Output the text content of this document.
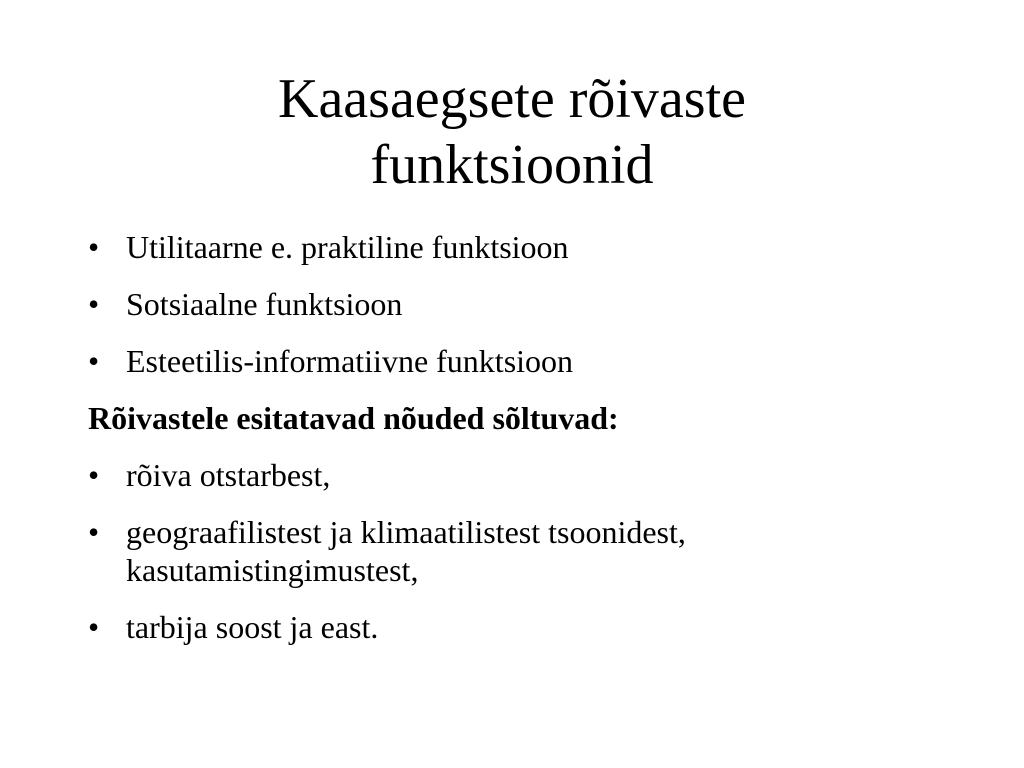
Kaasaegsete rõivaste
funktsioonid
• Utilitaarne e. praktiline funktsioon
• Sotsiaalne funktsioon
• Esteetilis-informatiivne funktsioon
Rõivastele esitatavad nõuded sõltuvad:
• rõiva otstarbest,
• geograafilistest ja klimaatilistest tsoonidest, kasutamistingimustest,
• tarbija soost ja east.
